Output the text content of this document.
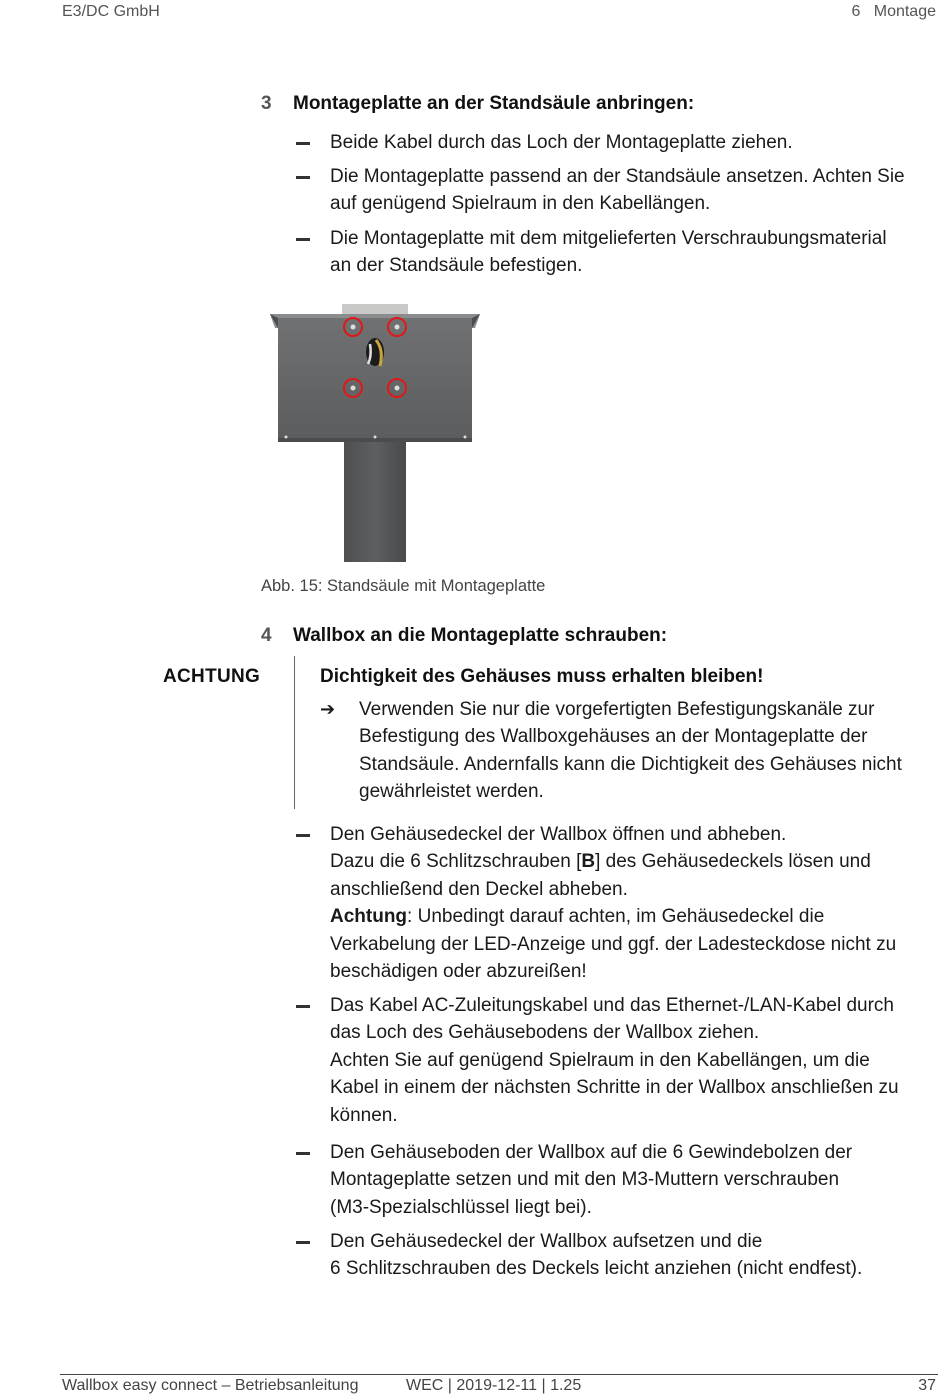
E3/DC GmbH	6   Montage
3 Montageplatte an der Standsäule anbringen:
Beide Kabel durch das Loch der Montageplatte ziehen.
Die Montageplatte passend an der Standsäule ansetzen. Achten Sie
auf genügend Spielraum in den Kabellängen.
Die Montageplatte mit dem mitgelieferten Verschraubungsmaterial
an der Standsäule befestigen.
Abb. 15: Standsäule mit Montageplatte
4 Wallbox an die Montageplatte schrauben:
ACHTUNG	Dichtigkeit des Gehäuses muss erhalten bleiben!
➔ Verwenden Sie nur die vorgefertigten Befestigungskanäle zur
Befestigung des Wallboxgehäuses an der Montageplatte der
Standsäule. Andernfalls kann die Dichtigkeit des Gehäuses nicht
gewährleistet werden.
Den Gehäusedeckel der Wallbox öffnen und abheben.
Dazu die 6 Schlitzschrauben [B] des Gehäusedeckels lösen und
anschließend den Deckel abheben.
Achtung: Unbedingt darauf achten, im Gehäusedeckel die
Verkabelung der LED-Anzeige und ggf. der Ladesteckdose nicht zu
beschädigen oder abzureißen!
Das Kabel AC-Zuleitungskabel und das Ethernet-/LAN-Kabel durch
das Loch des Gehäusebodens der Wallbox ziehen.
Achten Sie auf genügend Spielraum in den Kabellängen, um die
Kabel in einem der nächsten Schritte in der Wallbox anschließen zu
können.
Den Gehäuseboden der Wallbox auf die 6 Gewindebolzen der
Montageplatte setzen und mit den M3-Muttern verschrauben
(M3-Spezialschlüssel liegt bei).
Den Gehäusedeckel der Wallbox aufsetzen und die
6 Schlitzschrauben des Deckels leicht anziehen (nicht endfest).
Wallbox easy connect – Betriebsanleitung	WEC | 2019-12-11 | 1.25	37
